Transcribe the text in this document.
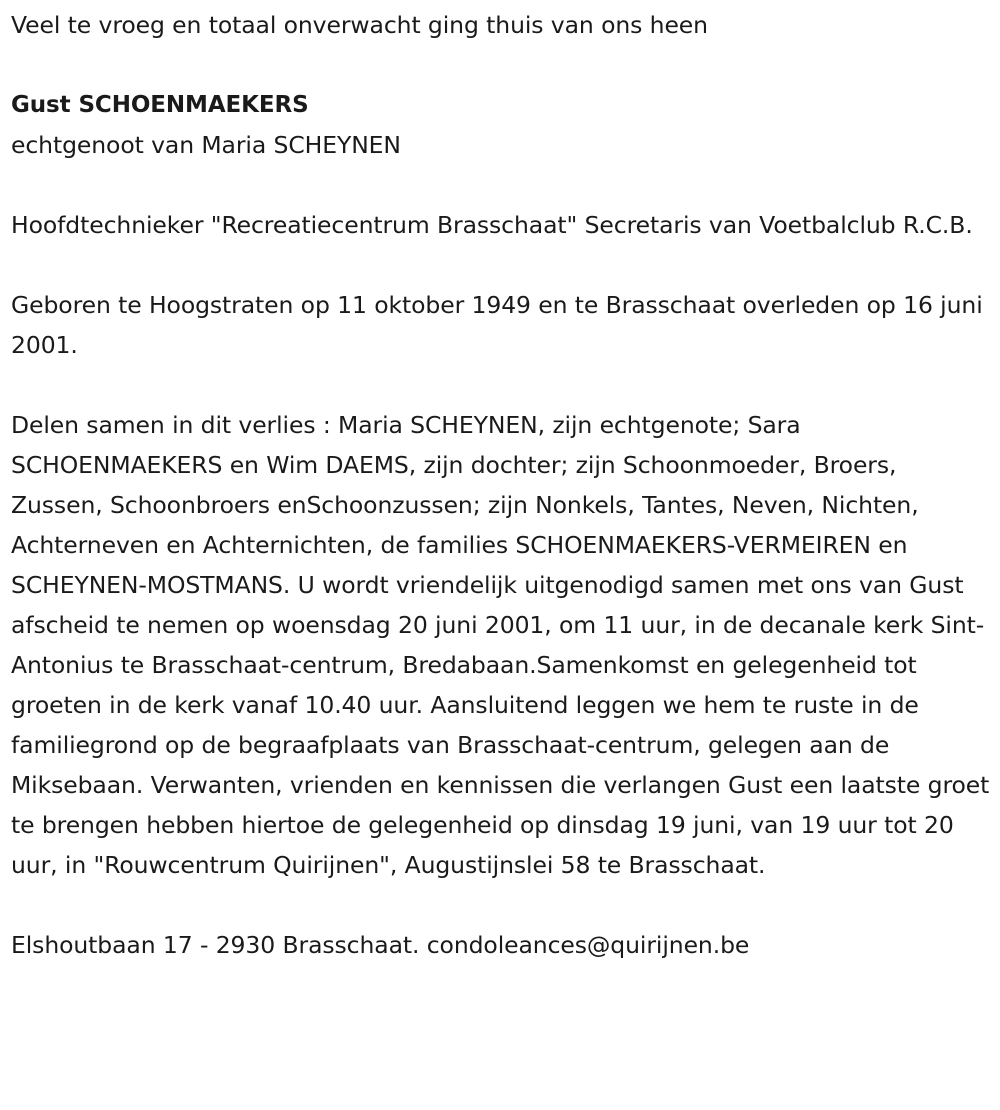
Veel te vroeg en totaal onverwacht ging thuis van ons heen

Gust SCHOENMAEKERS

echtgenoot van Maria SCHEYNEN

Hoofdtechnieker "Recreatiecentrum Brasschaat" Secretaris van Voetbalclub R.C.B.

Geboren te Hoogstraten op 11 oktober 1949 en te Brasschaat overleden op 16 juni 2001.

Delen samen in dit verlies : Maria SCHEYNEN, zijn echtgenote; Sara SCHOENMAEKERS en Wim DAEMS, zijn dochter; zijn Schoonmoeder, Broers, Zussen, Schoonbroers enSchoonzussen; zijn Nonkels, Tantes, Neven, Nichten, Achterneven en Achternichten, de families SCHOENMAEKERS-VERMEIREN en SCHEYNEN-MOSTMANS. U wordt vriendelijk uitgenodigd samen met ons van Gust afscheid te nemen op woensdag 20 juni 2001, om 11 uur, in de decanale kerk Sint-Antonius te Brasschaat-centrum, Bredabaan.Samenkomst en gelegenheid tot groeten in de kerk vanaf 10.40 uur. Aansluitend leggen we hem te ruste in de familiegrond op de begraafplaats van Brasschaat-centrum, gelegen aan de Miksebaan. Verwanten, vrienden en kennissen die verlangen Gust een laatste groet te brengen hebben hiertoe de gelegenheid op dinsdag 19 juni, van 19 uur tot 20 uur, in "Rouwcentrum Quirijnen", Augustijnslei 58 te Brasschaat.

Elshoutbaan 17 - 2930 Brasschaat. condoleances@quirijnen.be
